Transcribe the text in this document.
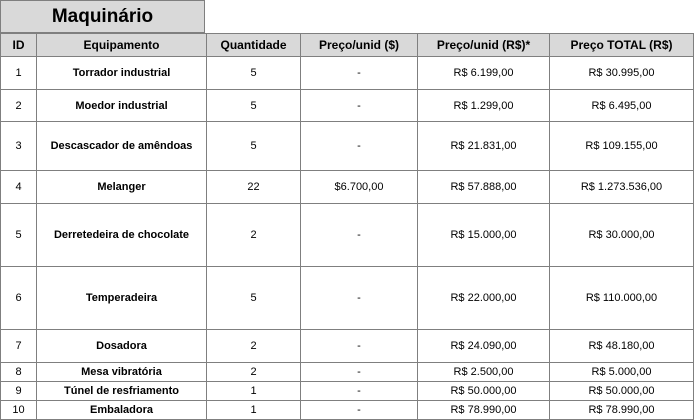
Maquinário
ID	Equipamento	Quantidade	Preço/unid ($)	Preço/unid (R$)*	Preço TOTAL (R$)
1	Torrador industrial	5	-	R$ 6.199,00	R$ 30.995,00
2	Moedor industrial	5	-	R$ 1.299,00	R$ 6.495,00
3	Descascador de amêndoas	5	-	R$ 21.831,00	R$ 109.155,00
4	Melanger	22	$6.700,00	R$ 57.888,00	R$ 1.273.536,00
5	Derretedeira de chocolate	2	-	R$ 15.000,00	R$ 30.000,00
6	Temperadeira	5	-	R$ 22.000,00	R$ 110.000,00
7	Dosadora	2	-	R$ 24.090,00	R$ 48.180,00
8	Mesa vibratória	2	-	R$ 2.500,00	R$ 5.000,00
9	Túnel de resfriamento	1	-	R$ 50.000,00	R$ 50.000,00
10	Embaladora	1	-	R$ 78.990,00	R$ 78.990,00
